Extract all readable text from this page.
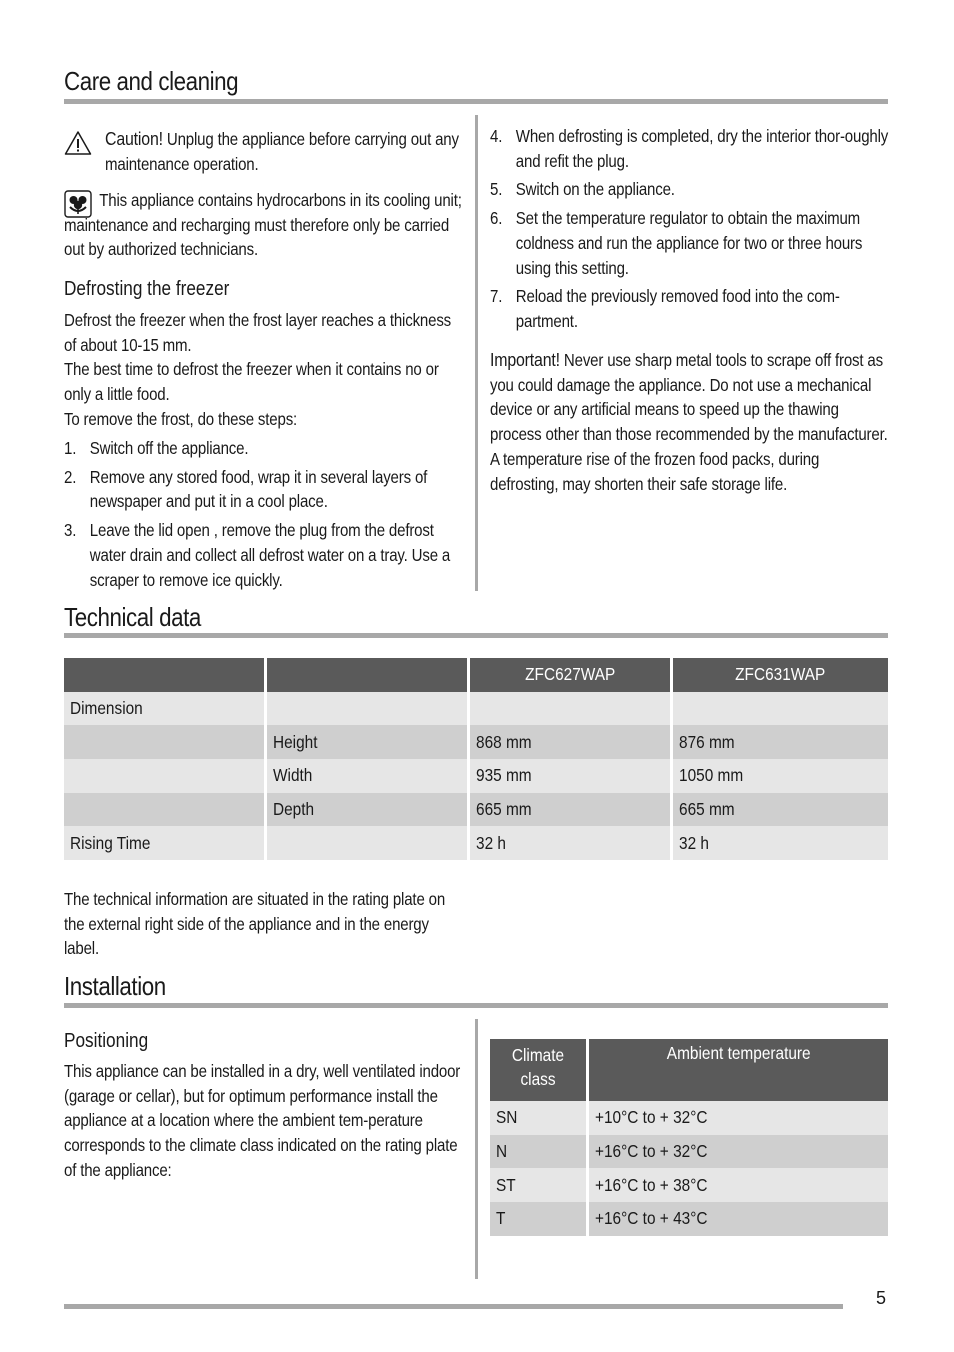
Care and cleaning
Caution! Unplug the appliance before carrying out any maintenance operation.
This appliance contains hydrocarbons in its cooling unit; maintenance and recharging must therefore only be carried out by authorized technicians.
Defrosting the freezer
Defrost the freezer when the frost layer reaches a thickness of about 10-15 mm.
The best time to defrost the freezer when it contains no or only a little food.
To remove the frost, do these steps:
1. Switch off the appliance.
2. Remove any stored food, wrap it in several layers of newspaper and put it in a cool place.
3. Leave the lid open , remove the plug from the defrost water drain and collect all defrost water on a tray. Use a scraper to remove ice quickly.
4. When defrosting is completed, dry the interior thor-oughly and refit the plug.
5. Switch on the appliance.
6. Set the temperature regulator to obtain the maximum coldness and run the appliance for two or three hours using this setting.
7. Reload the previously removed food into the com-partment.
Important! Never use sharp metal tools to scrape off frost as you could damage the appliance. Do not use a mechanical device or any artificial means to speed up the thawing process other than those recommended by the manufacturer. A temperature rise of the frozen food packs, during defrosting, may shorten their safe storage life.
Technical data
		ZFC627WAP	ZFC631WAP
Dimension			
	Height	868 mm	876 mm
	Width	935 mm	1050 mm
	Depth	665 mm	665 mm
Rising Time		32 h	32 h
The technical information are situated in the rating plate on the external right side of the appliance and in the energy label.
Installation
Positioning
This appliance can be installed in a dry, well ventilated indoor (garage or cellar), but for optimum performance install the appliance at a location where the ambient tem-perature corresponds to the climate class indicated on the rating plate of the appliance:
Climate class	Ambient temperature
SN	+10°C to + 32°C
N	+16°C to + 32°C
ST	+16°C to + 38°C
T	+16°C to + 43°C
5
